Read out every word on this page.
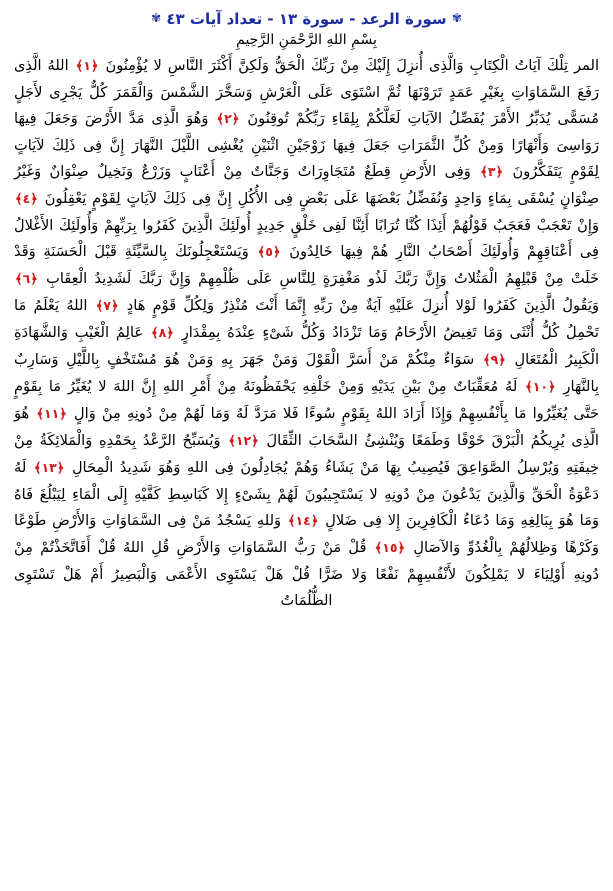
✾ سورة الرعد - سورة ١٣ - تعداد آيات ٤٣ ✾
بِسْمِ اللهِ الرَّحْمَنِ الرَّحِيمِ
المر تِلْكَ آيَاتُ الْكِتَابِ وَالَّذِى أُنزِلَ إِلَيْكَ مِنْ رَبِّكَ الْحَقُّ وَلَكِنَّ أَكْثَرَ النَّاسِ لا يُؤْمِنُونَ ﴿١﴾ اللهُ الَّذِى رَفَعَ السَّمَاوَاتِ بِغَيْرِ عَمَدٍ تَرَوْنَهَا ثُمَّ اسْتَوَى عَلَى الْعَرْشِ وَسَخَّرَ الشَّمْسَ وَالْقَمَرَ كُلٌّ يَجْرِى لأَجَلٍ مُسَمًّى يُدَبِّرُ الأَمْرَ يُفَصِّلُ الآيَاتِ لَعَلَّكُمْ بِلِقَاءِ رَبِّكُمْ تُوقِنُونَ ﴿٢﴾ وَهُوَ الَّذِى مَدَّ الأَرْضَ وَجَعَلَ فِيهَا رَوَاسِىَ وَأَنْهَارًا وَمِنْ كُلِّ الثَّمَرَاتِ جَعَلَ فِيهَا زَوْجَيْنِ اثْنَيْنِ يُغْشِى اللَّيْلَ النَّهَارَ إِنَّ فِى ذَلِكَ لآيَاتٍ لِقَوْمٍ يَتَفَكَّرُونَ ﴿٣﴾ وَفِى الأَرْضِ قِطَعٌ مُتَجَاوِرَاتٌ وَجَنَّاتٌ مِنْ أَعْنَابٍ وَزَرْعٌ وَنَخِيلٌ صِنْوَانٌ وَغَيْرُ صِنْوَانٍ يُسْقَى بِمَاءٍ وَاحِدٍ وَنُفَضِّلُ بَعْضَهَا عَلَى بَعْضٍ فِى الأُكُلِ إِنَّ فِى ذَلِكَ لآيَاتٍ لِقَوْمٍ يَعْقِلُونَ ﴿٤﴾ وَإِنْ تَعْجَبْ فَعَجَبٌ قَوْلُهُمْ أَئِذَا كُنَّا تُرَابًا أَئِنَّا لَفِى خَلْقٍ جَدِيدٍ أُولَئِكَ الَّذِينَ كَفَرُوا بِرَبِّهِمْ وَأُولَئِكَ الأَغْلالُ فِى أَعْنَاقِهِمْ وَأُولَئِكَ أَصْحَابُ النَّارِ هُمْ فِيهَا خَالِدُونَ ﴿٥﴾ وَيَسْتَعْجِلُونَكَ بِالسَّيِّئَةِ قَبْلَ الْحَسَنَةِ وَقَدْ خَلَتْ مِنْ قَبْلِهِمُ الْمَثُلاتُ وَإِنَّ رَبَّكَ لَذُو مَغْفِرَةٍ لِلنَّاسِ عَلَى ظُلْمِهِمْ وَإِنَّ رَبَّكَ لَشَدِيدُ الْعِقَابِ ﴿٦﴾ وَيَقُولُ الَّذِينَ كَفَرُوا لَوْلا أُنزِلَ عَلَيْهِ آيَةٌ مِنْ رَبِّهِ إِنَّمَا أَنْتَ مُنْذِرٌ وَلِكُلِّ قَوْمٍ هَادٍ ﴿٧﴾ اللهُ يَعْلَمُ مَا تَحْمِلُ كُلُّ أُنْثَى وَمَا تَغِيضُ الأَرْحَامُ وَمَا تَزْدَادُ وَكُلُّ شَىْءٍ عِنْدَهُ بِمِقْدَارٍ ﴿٨﴾ عَالِمُ الْغَيْبِ وَالشَّهَادَةِ الْكَبِيرُ الْمُتَعَالِ ﴿٩﴾ سَوَاءٌ مِنْكُمْ مَنْ أَسَرَّ الْقَوْلَ وَمَنْ جَهَرَ بِهِ وَمَنْ هُوَ مُسْتَخْفٍ بِاللَّيْلِ وَسَارِبٌ بِالنَّهَارِ ﴿١٠﴾ لَهُ مُعَقِّبَاتٌ مِنْ بَيْنِ يَدَيْهِ وَمِنْ خَلْفِهِ يَحْفَظُونَهُ مِنْ أَمْرِ اللهِ إِنَّ اللهَ لا يُغَيِّرُ مَا بِقَوْمٍ حَتَّى يُغَيِّرُوا مَا بِأَنْفُسِهِمْ وَإِذَا أَرَادَ اللهُ بِقَوْمٍ سُوءًا فَلا مَرَدَّ لَهُ وَمَا لَهُمْ مِنْ دُونِهِ مِنْ وَالٍ ﴿١١﴾ هُوَ الَّذِى يُرِيكُمُ الْبَرْقَ خَوْفًا وَطَمَعًا وَيُنْشِئُ السَّحَابَ الثِّقَالَ ﴿١٢﴾ وَيُسَبِّحُ الرَّعْدُ بِحَمْدِهِ وَالْمَلائِكَةُ مِنْ خِيفَتِهِ وَيُرْسِلُ الصَّوَاعِقَ فَيُصِيبُ بِهَا مَنْ يَشَاءُ وَهُمْ يُجَادِلُونَ فِى اللهِ وَهُوَ شَدِيدُ الْمِحَالِ ﴿١٣﴾ لَهُ دَعْوَةُ الْحَقِّ وَالَّذِينَ يَدْعُونَ مِنْ دُونِهِ لا يَسْتَجِيبُونَ لَهُمْ بِشَىْءٍ إِلا كَبَاسِطِ كَفَّيْهِ إِلَى الْمَاءِ لِيَبْلُغَ فَاهُ وَمَا هُوَ بِبَالِغِهِ وَمَا دُعَاءُ الْكَافِرِينَ إِلا فِى ضَلالٍ ﴿١٤﴾ وَللهِ يَسْجُدُ مَنْ فِى السَّمَاوَاتِ وَالأَرْضِ طَوْعًا وَكَرْهًا وَظِلالُهُمْ بِالْغُدُوِّ وَالآصَالِ ﴿١٥﴾ قُلْ مَنْ رَبُّ السَّمَاوَاتِ وَالأَرْضِ قُلِ اللهُ قُلْ أَفَاتَّخَذْتُمْ مِنْ دُونِهِ أَوْلِيَاءَ لا يَمْلِكُونَ لأَنْفُسِهِمْ نَفْعًا وَلا ضَرًّا قُلْ هَلْ يَسْتَوِى الأَعْمَى وَالْبَصِيرُ أَمْ هَلْ تَسْتَوِى الظُّلُمَاتُ
